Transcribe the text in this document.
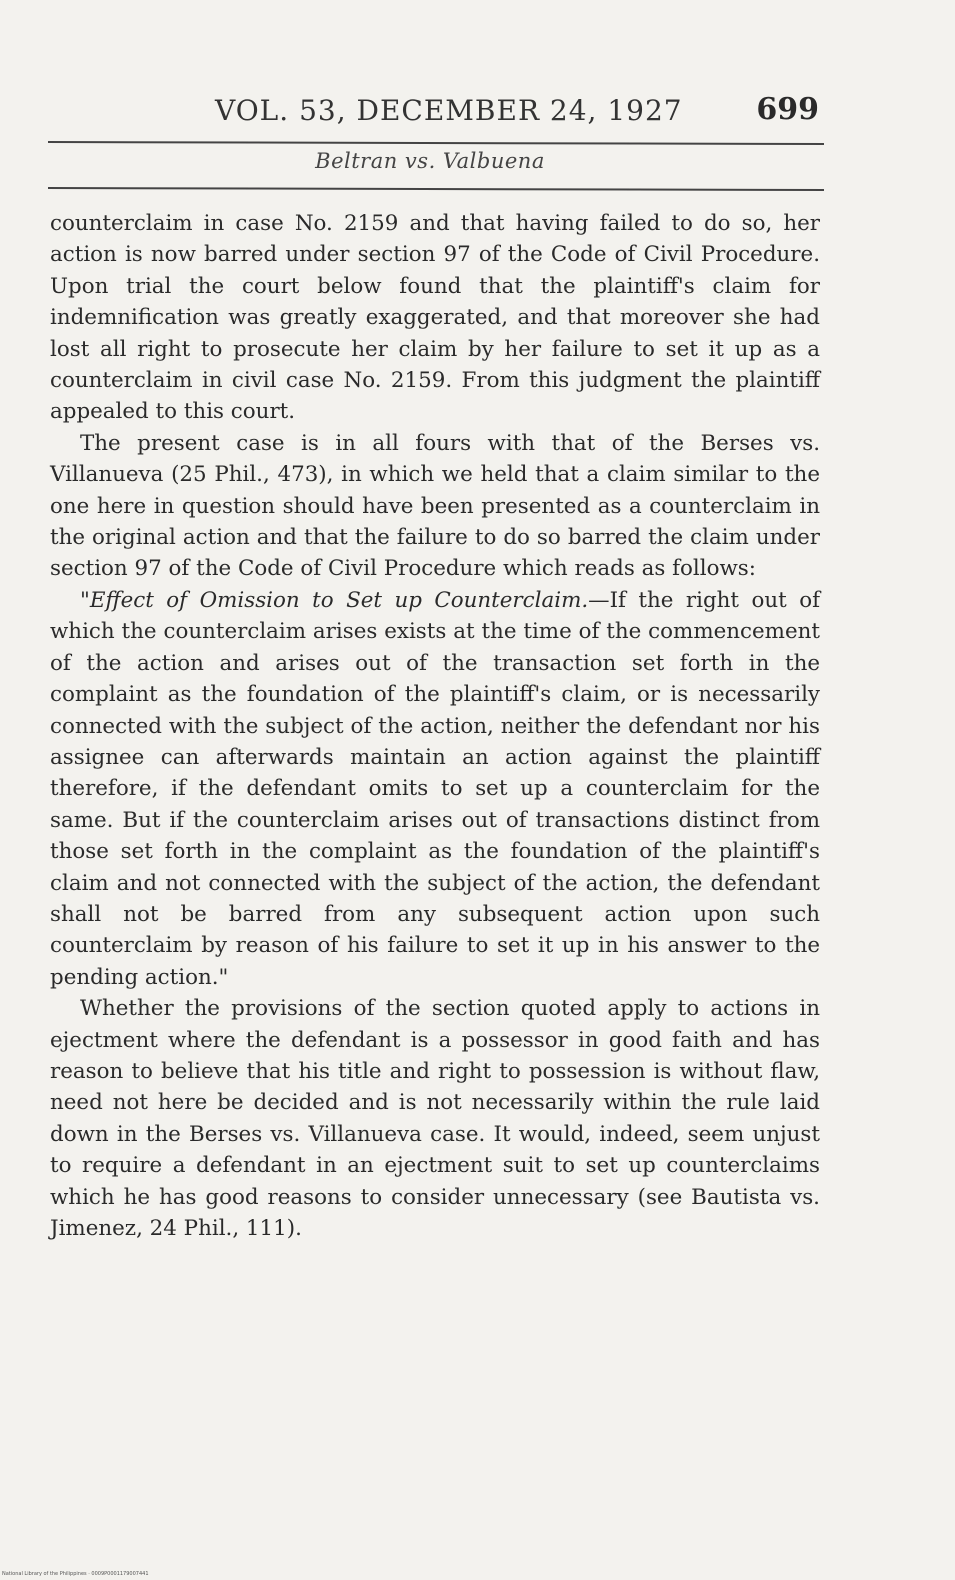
VOL. 53, DECEMBER 24, 1927 699
Beltran vs. Valbuena

counterclaim in case No. 2159 and that having failed to do so, her action is now barred under section 97 of the Code of Civil Procedure. Upon trial the court below found that the plaintiff's claim for indemnification was greatly exaggerated, and that moreover she had lost all right to prosecute her claim by her failure to set it up as a counterclaim in civil case No. 2159. From this judgment the plaintiff appealed to this court.

The present case is in all fours with that of the Berses vs. Villanueva (25 Phil., 473), in which we held that a claim similar to the one here in question should have been presented as a counterclaim in the original action and that the failure to do so barred the claim under section 97 of the Code of Civil Procedure which reads as follows:

"Effect of Omission to Set up Counterclaim.—If the right out of which the counterclaim arises exists at the time of the commencement of the action and arises out of the transaction set forth in the complaint as the foundation of the plaintiff's claim, or is necessarily connected with the subject of the action, neither the defendant nor his assignee can afterwards maintain an action against the plaintiff therefore, if the defendant omits to set up a counterclaim for the same. But if the counterclaim arises out of transactions distinct from those set forth in the complaint as the foundation of the plaintiff's claim and not connected with the subject of the action, the defendant shall not be barred from any subsequent action upon such counterclaim by reason of his failure to set it up in his answer to the pending action."

Whether the provisions of the section quoted apply to actions in ejectment where the defendant is a possessor in good faith and has reason to believe that his title and right to possession is without flaw, need not here be decided and is not necessarily within the rule laid down in the Berses vs. Villanueva case. It would, indeed, seem unjust to require a defendant in an ejectment suit to set up counterclaims which he has good reasons to consider unnecessary (see Bautista vs. Jimenez, 24 Phil., 111).

National Library of the Philippines · 0009P0001179007441
